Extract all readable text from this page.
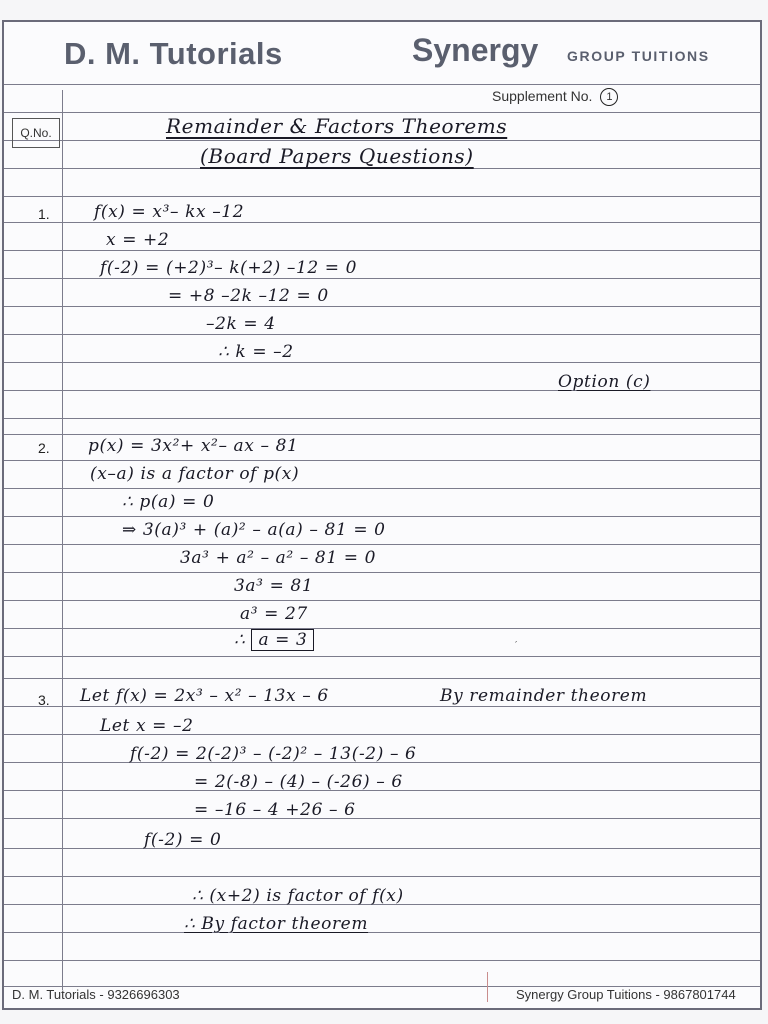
D. M. Tutorials	Synergy GROUP TUITIONS
Supplement No. 1
Q.No.	Remainder & Factors Theorems
(Board Papers Questions)
1.	f(x) = x³– kx –12
x = +2
f(-2) = (+2)³– k(+2) –12 = 0
= +8 –2k –12 = 0
–2k = 4
∴ k = –2
Option (c)
2. p(x) = 3x²+ x²– ax – 81
(x–a) is a factor of p(x)
∴ p(a) = 0
⇒ 3(a)³ + (a)² – a(a) – 81 = 0
3a³ + a² – a² – 81 = 0
3a³ = 81
a³ = 27
∴ a = 3	′
3. Let f(x) = 2x³ – x² – 13x – 6	By remainder theorem
Let x = –2
f(-2) = 2(-2)³ – (-2)² – 13(-2) – 6
= 2(-8) – (4) – (-26) – 6
= –16 – 4 +26 – 6
f(-2) = 0
∴ (x+2) is factor of f(x)
∴ By factor theorem
D. M. Tutorials - 9326696303	Synergy Group Tuitions - 9867801744
